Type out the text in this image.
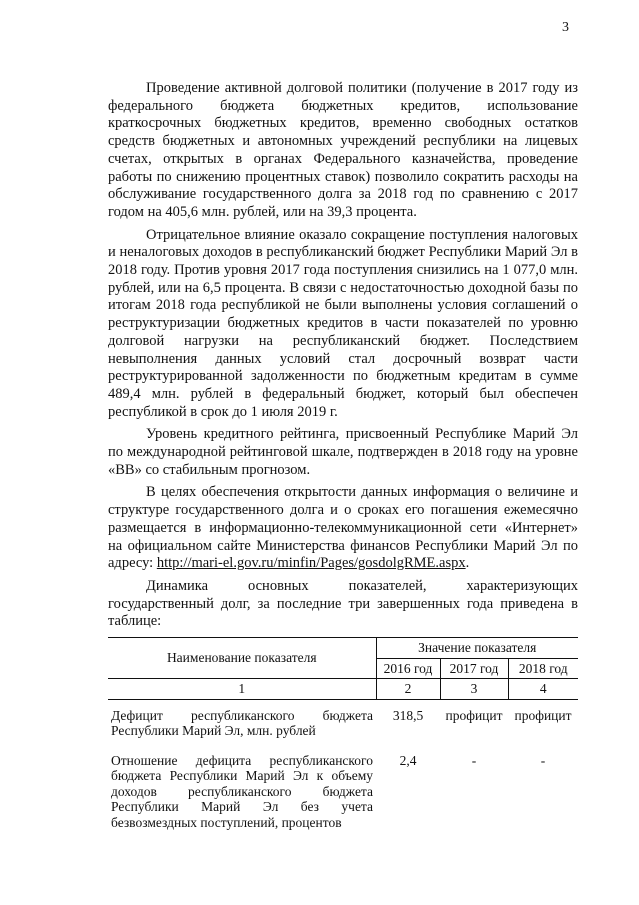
3

Проведение активной долговой политики (получение в 2017 году из федерального бюджета бюджетных кредитов, использование краткосрочных бюджетных кредитов, временно свободных остатков средств бюджетных и автономных учреждений республики на лицевых счетах, открытых в органах Федерального казначейства, проведение работы по снижению процентных ставок) позволило сократить расходы на обслуживание государственного долга за 2018 год по сравнению с 2017 годом на 405,6 млн. рублей, или на 39,3 процента.

Отрицательное влияние оказало сокращение поступления налоговых и неналоговых доходов в республиканский бюджет Республики Марий Эл в 2018 году. Против уровня 2017 года поступления снизились на 1 077,0 млн. рублей, или на 6,5 процента. В связи с недостаточностью доходной базы по итогам 2018 года республикой не были выполнены условия соглашений о реструктуризации бюджетных кредитов в части показателей по уровню долговой нагрузки на республиканский бюджет. Последствием невыполнения данных условий стал досрочный возврат части реструктурированной задолженности по бюджетным кредитам в сумме 489,4 млн. рублей в федеральный бюджет, который был обеспечен республикой в срок до 1 июля 2019 г.

Уровень кредитного рейтинга, присвоенный Республике Марий Эл по международной рейтинговой шкале, подтвержден в 2018 году на уровне «BB» со стабильным прогнозом.

В целях обеспечения открытости данных информация о величине и структуре государственного долга и о сроках его погашения ежемесячно размещается в информационно-телекоммуникационной сети «Интернет» на официальном сайте Министерства финансов Республики Марий Эл по адресу: http://mari-el.gov.ru/minfin/Pages/gosdolgRME.aspx.

Динамика основных показателей, характеризующих государственный долг, за последние три завершенных года приведена в таблице:

Наименование показателя	Значение показателя		
	2016 год	2017 год	2018 год
1	2	3	4
Дефицит республиканского бюджета Республики Марий Эл, млн. рублей	318,5	профицит	профицит
Отношение дефицита республиканского бюджета Республики Марий Эл к объему доходов республиканского бюджета Республики Марий Эл без учета безвозмездных поступлений, процентов	2,4	-	-
